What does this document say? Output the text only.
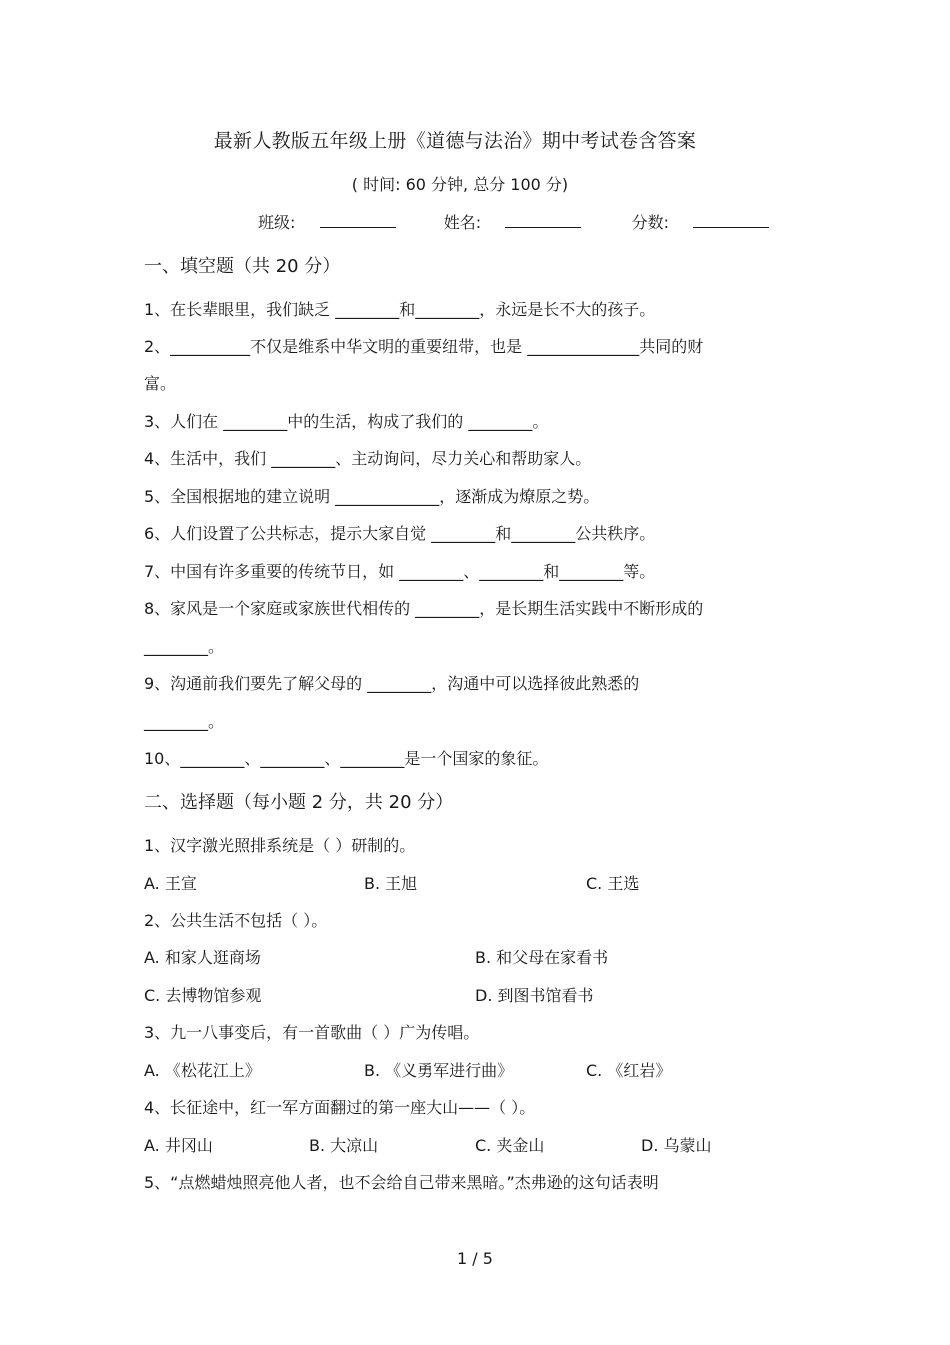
最新人教版五年级上册《道德与法治》期中考试卷含答案
( 时间: 60 分钟, 总分 100 分)
班级:	姓名:	分数:
一、填空题（共 20 分）
1、在长辈眼里，我们缺乏 ________和________，永远是长不大的孩子。
2、__________不仅是维系中华文明的重要纽带，也是 ______________共同的财
富。
3、人们在 ________中的生活，构成了我们的 ________。
4、生活中，我们 ________、主动询问，尽力关心和帮助家人。
5、全国根据地的建立说明 _____________，逐渐成为燎原之势。
6、人们设置了公共标志，提示大家自觉 ________和________公共秩序。
7、中国有许多重要的传统节日，如 ________、________和________等。
8、家风是一个家庭或家族世代相传的 ________，是长期生活实践中不断形成的
________。
9、沟通前我们要先了解父母的 ________，沟通中可以选择彼此熟悉的
________。
10、________、________、________是一个国家的象征。
二、选择题（每小题 2 分，共 20 分）
1、汉字激光照排系统是（ ）研制的。
A. 王宣	B. 王旭	C. 王选
2、公共生活不包括（ ）。
A. 和家人逛商场	B. 和父母在家看书
C. 去博物馆参观	D. 到图书馆看书
3、九一八事变后，有一首歌曲（ ）广为传唱。
A. 《松花江上》	B. 《义勇军进行曲》	C. 《红岩》
4、长征途中，红一军方面翻过的第一座大山——（ ）。
A. 井冈山	B. 大凉山	C. 夹金山	D. 乌蒙山
5、“点燃蜡烛照亮他人者，也不会给自己带来黑暗。”杰弗逊的这句话表明
1 / 5
